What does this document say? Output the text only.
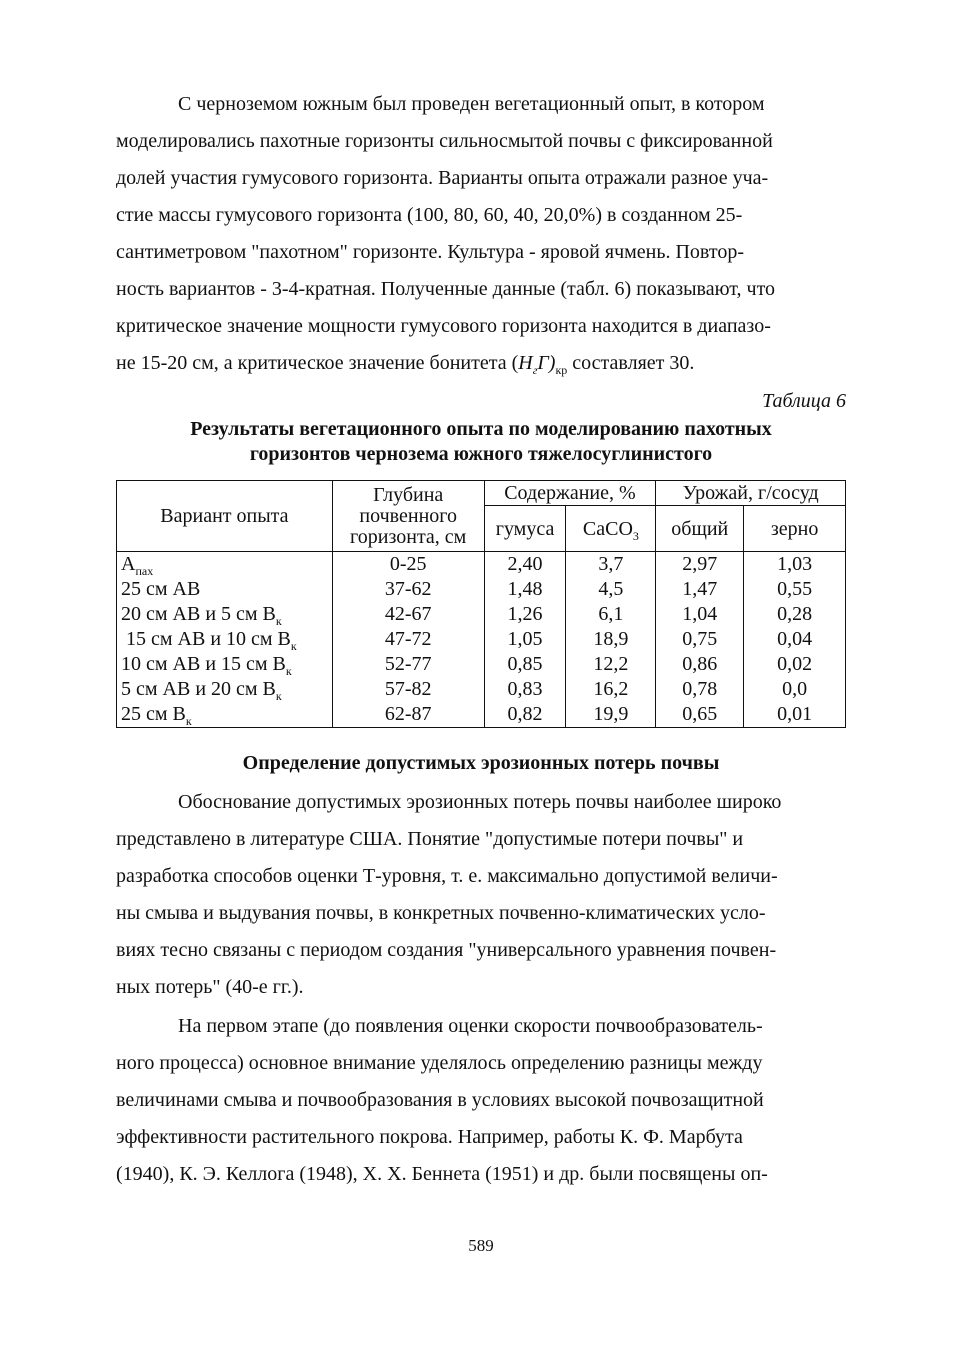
С черноземом южным был проведен вегетационный опыт, в котором
моделировались пахотные горизонты сильносмытой почвы с фиксированной
долей участия гумусового горизонта. Варианты опыта отражали разное уча-
стие массы гумусового горизонта (100, 80, 60, 40, 20,0%) в созданном 25-
сантиметровом "пахотном" горизонте. Культура - яровой ячмень. Повтор-
ность вариантов - 3-4-кратная. Полученные данные (табл. 6) показывают, что
критическое значение мощности гумусового горизонта находится в диапазо-
не 15-20 см, а критическое значение бонитета $(H_гГ)_{кр}$ составляет 30.

Таблица 6

Результаты вегетационного опыта по моделированию пахотных
горизонтов чернозема южного тяжелосуглинистого

Вариант опыта	Глубина
почвенного
горизонта, см	Содержание, %		Урожай, г/сосуд	
		гумуса	CaCO$_3$	общий	зерно
$A_{пах}$	0-25	2,40	3,7	2,97	1,03
25 см AB	37-62	1,48	4,5	1,47	0,55
20 см AB и 5 см $B_к$	42-67	1,26	6,1	1,04	0,28
15 см AB и 10 см $B_к$	47-72	1,05	18,9	0,75	0,04
10 см AB и 15 см $B_к$	52-77	0,85	12,2	0,86	0,02
5 см AB и 20 см $B_к$	57-82	0,83	16,2	0,78	0,0
25 см $B_к$	62-87	0,82	19,9	0,65	0,01

Определение допустимых эрозионных потерь почвы

Обоснование допустимых эрозионных потерь почвы наиболее широко
представлено в литературе США. Понятие "допустимые потери почвы" и
разработка способов оценки Т-уровня, т. е. максимально допустимой величи-
ны смыва и выдувания почвы, в конкретных почвенно-климатических усло-
виях тесно связаны с периодом создания "универсального уравнения почвен-
ных потерь" (40-е гг.).

На первом этапе (до появления оценки скорости почвообразователь-
ного процесса) основное внимание уделялось определению разницы между
величинами смыва и почвообразования в условиях высокой почвозащитной
эффективности растительного покрова. Например, работы К. Ф. Марбута
(1940), К. Э. Келлога (1948), Х. Х. Беннета (1951) и др. были посвящены оп-

589
